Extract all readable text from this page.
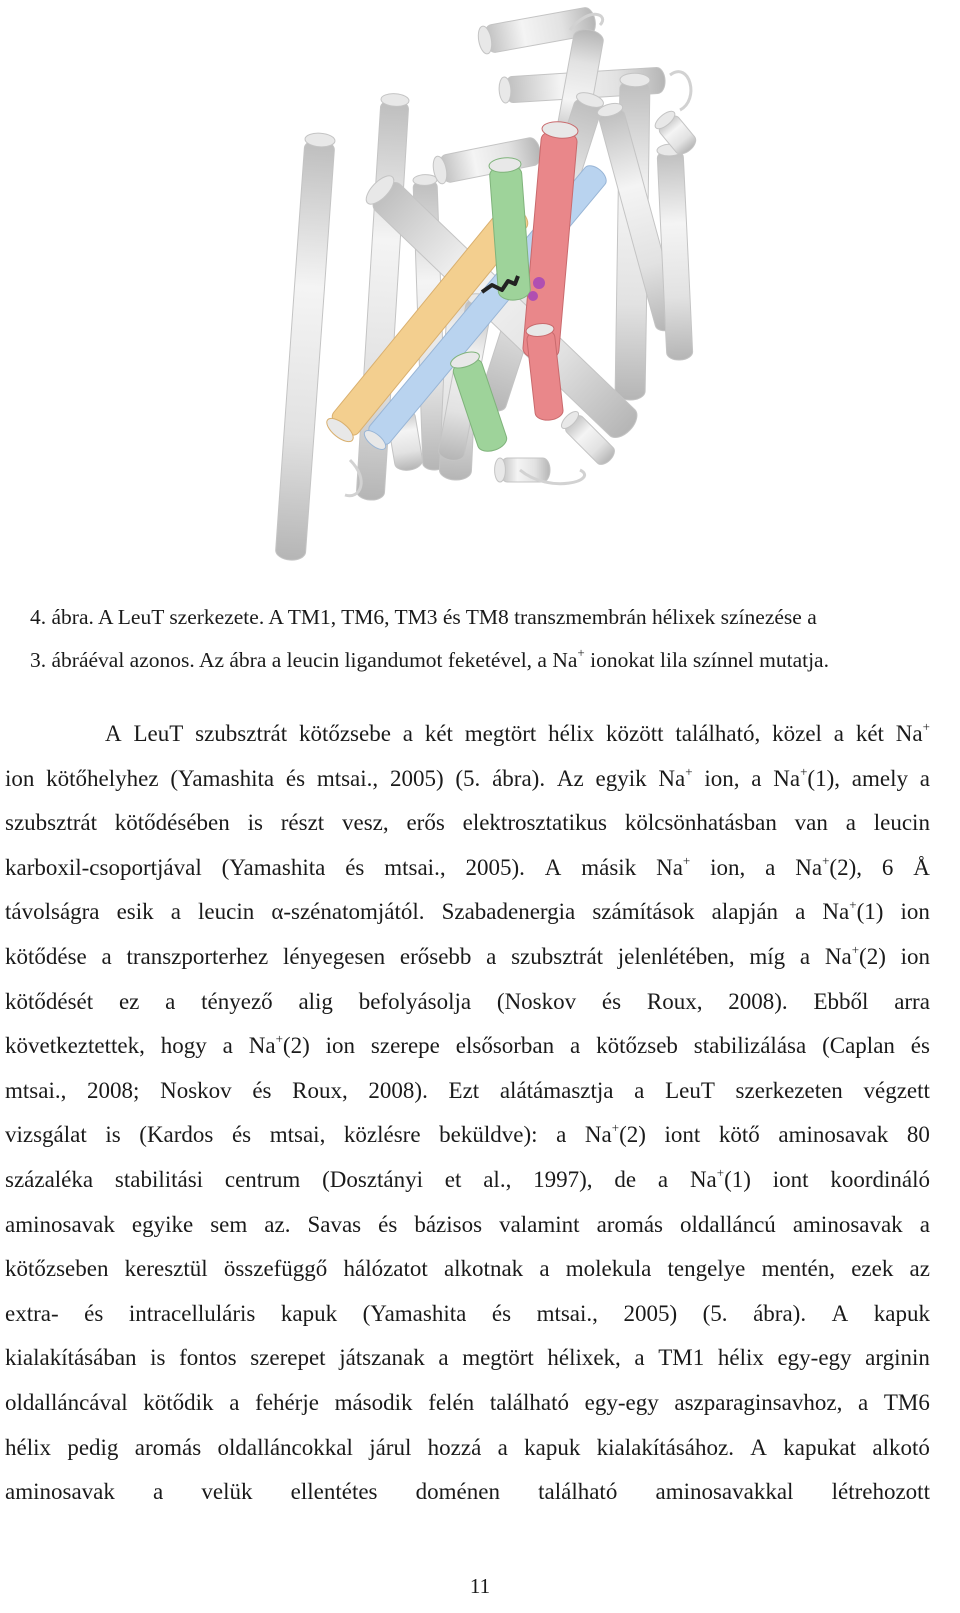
4. ábra. A LeuT szerkezete. A TM1, TM6, TM3 és TM8 transzmembrán hélixek színezése a
3. ábráéval azonos. Az ábra a leucin ligandumot feketével, a Na+ ionokat lila színnel mutatja.
A LeuT szubsztrát kötőzsebe a két megtört hélix között található, közel a két Na+
ion kötőhelyhez (Yamashita és mtsai., 2005) (5. ábra). Az egyik Na+ ion, a Na+(1), amely a
szubsztrát kötődésében is részt vesz, erős elektrosztatikus kölcsönhatásban van a leucin
karboxil-csoportjával (Yamashita és mtsai., 2005). A másik Na+ ion, a Na+(2), 6 Å
távolságra esik a leucin α-szénatomjától. Szabadenergia számítások alapján a Na+(1) ion
kötődése a transzporterhez lényegesen erősebb a szubsztrát jelenlétében, míg a Na+(2) ion
kötődését ez a tényező alig befolyásolja (Noskov és Roux, 2008). Ebből arra
következtettek, hogy a Na+(2) ion szerepe elsősorban a kötőzseb stabilizálása (Caplan és
mtsai., 2008; Noskov és Roux, 2008). Ezt alátámasztja a LeuT szerkezeten végzett
vizsgálat is (Kardos és mtsai, közlésre beküldve): a Na+(2) iont kötő aminosavak 80
százaléka stabilitási centrum (Dosztányi et al., 1997), de a Na+(1) iont koordináló
aminosavak egyike sem az. Savas és bázisos valamint aromás oldalláncú aminosavak a
kötőzseben keresztül összefüggő hálózatot alkotnak a molekula tengelye mentén, ezek az
extra- és intracelluláris kapuk (Yamashita és mtsai., 2005) (5. ábra). A kapuk
kialakításában is fontos szerepet játszanak a megtört hélixek, a TM1 hélix egy-egy arginin
oldalláncával kötődik a fehérje második felén található egy-egy aszparaginsavhoz, a TM6
hélix pedig aromás oldalláncokkal járul hozzá a kapuk kialakításához. A kapukat alkotó
aminosavak a velük ellentétes doménen található aminosavakkal létrehozott
11
